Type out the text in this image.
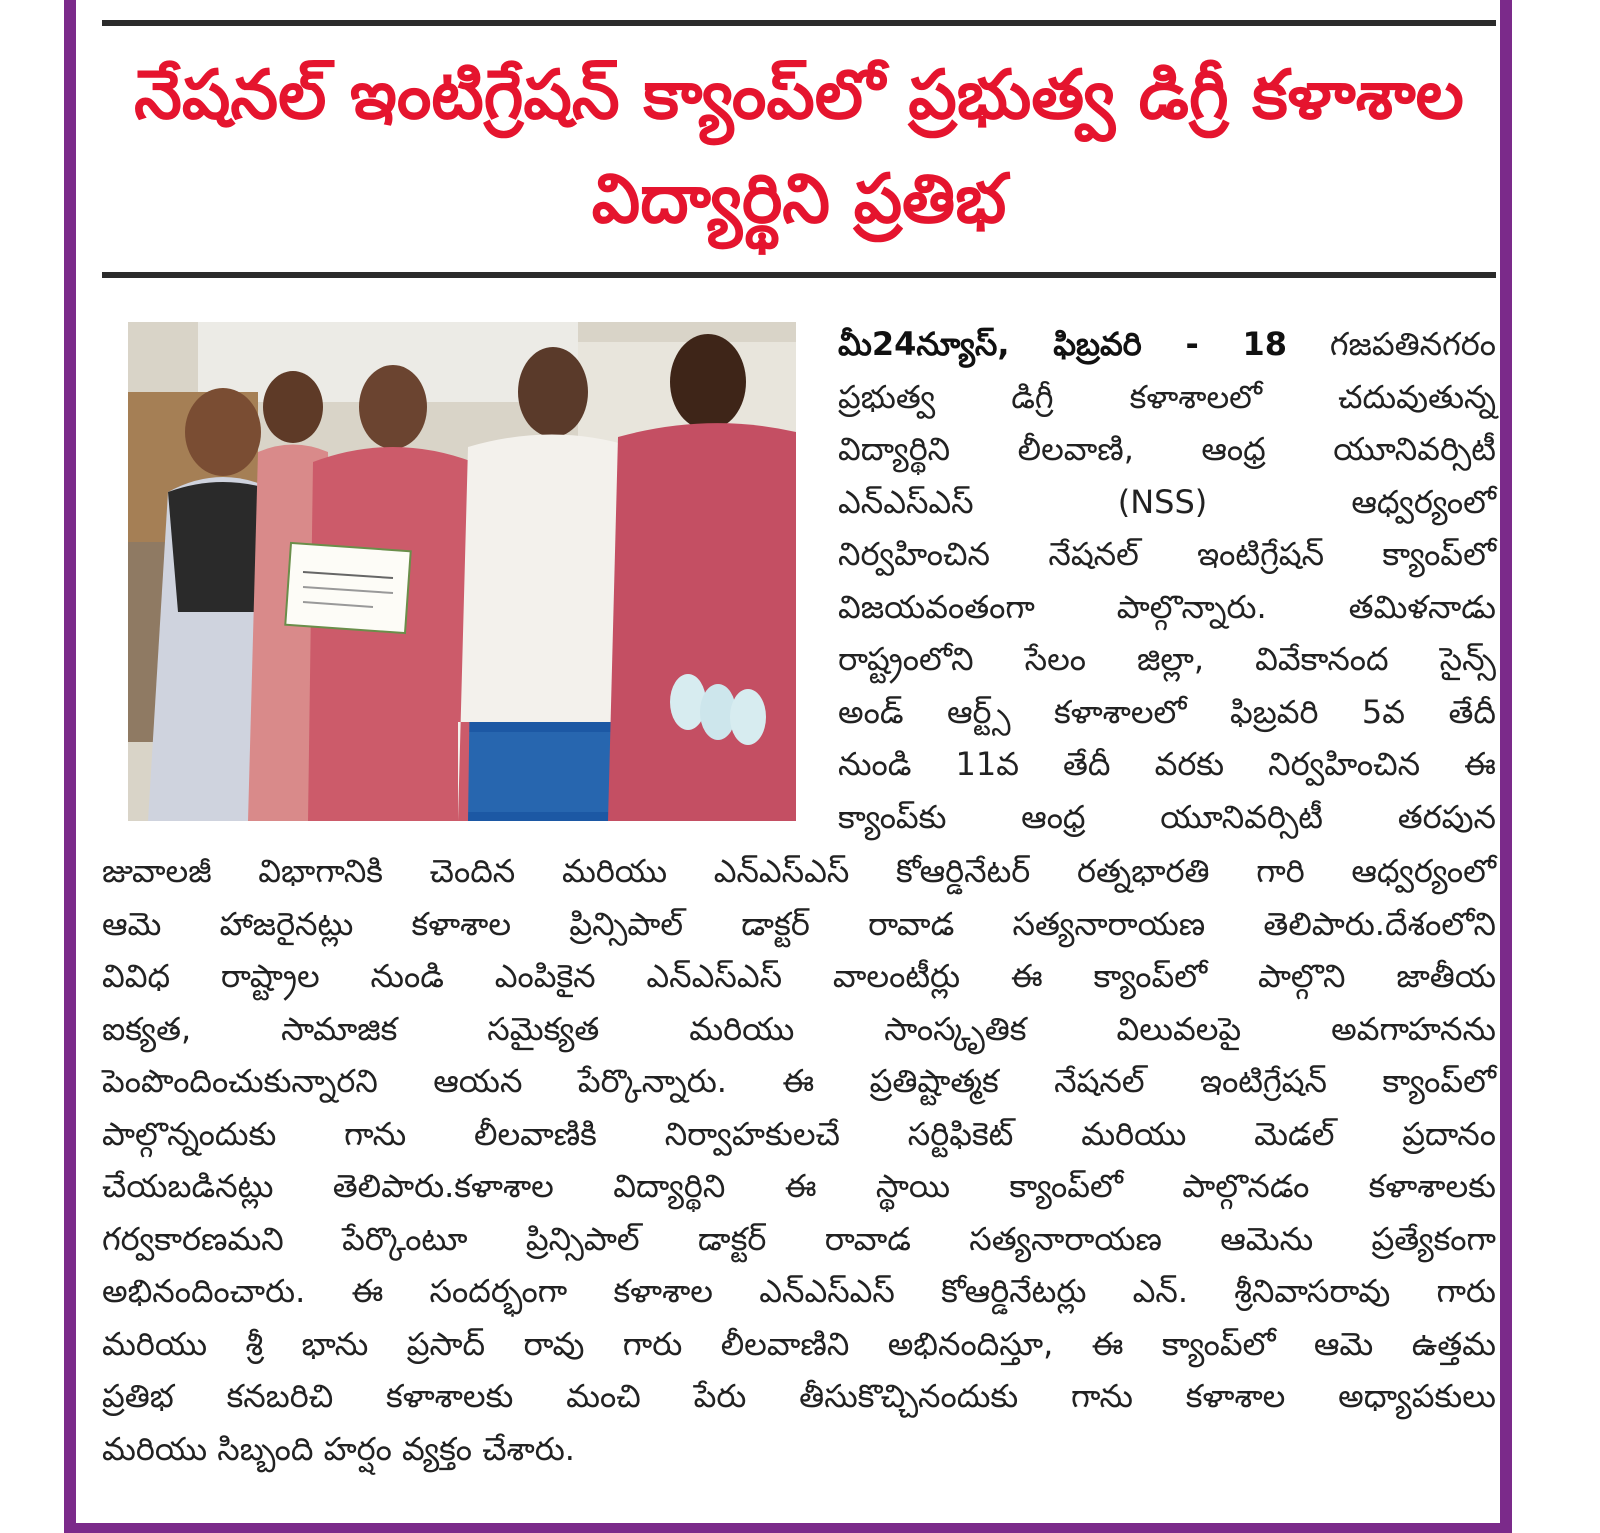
నేషనల్ ఇంటిగ్రేషన్ క్యాంప్‌లో ప్రభుత్వ డిగ్రీ కళాశాల
విద్యార్థిని ప్రతిభ

మీ24న్యూస్, ఫిబ్రవరి - 18 గజపతినగరం
ప్రభుత్వ డిగ్రీ కళాశాలలో చదువుతున్న
విద్యార్థిని లీలవాణి, ఆంధ్ర యూనివర్సిటీ
ఎన్ఎస్ఎస్ (NSS) ఆధ్వర్యంలో
నిర్వహించిన నేషనల్ ఇంటిగ్రేషన్ క్యాంప్‌లో
విజయవంతంగా పాల్గొన్నారు. తమిళనాడు
రాష్ట్రంలోని సేలం జిల్లా, వివేకానంద సైన్స్
అండ్ ఆర్ట్స్ కళాశాలలో ఫిబ్రవరి 5వ తేదీ
నుండి 11వ తేదీ వరకు నిర్వహించిన ఈ
క్యాంప్‌కు ఆంధ్ర యూనివర్సిటీ తరపున

జువాలజీ విభాగానికి చెందిన మరియు ఎన్ఎస్ఎస్ కోఆర్డినేటర్ రత్నభారతి గారి ఆధ్వర్యంలో
ఆమె హాజరైనట్లు కళాశాల ప్రిన్సిపాల్ డాక్టర్ రావాడ సత్యనారాయణ తెలిపారు.దేశంలోని
వివిధ రాష్ట్రాల నుండి ఎంపికైన ఎన్ఎస్ఎస్ వాలంటీర్లు ఈ క్యాంప్‌లో పాల్గొని జాతీయ
ఐక్యత, సామాజిక సమైక్యత మరియు సాంస్కృతిక విలువలపై అవగాహనను
పెంపొందించుకున్నారని ఆయన పేర్కొన్నారు. ఈ ప్రతిష్టాత్మక నేషనల్ ఇంటిగ్రేషన్ క్యాంప్‌లో
పాల్గొన్నందుకు గాను లీలవాణికి నిర్వాహకులచే సర్టిఫికెట్ మరియు మెడల్ ప్రదానం
చేయబడినట్లు తెలిపారు.కళాశాల విద్యార్థిని ఈ స్థాయి క్యాంప్‌లో పాల్గొనడం కళాశాలకు
గర్వకారణమని పేర్కొంటూ ప్రిన్సిపాల్ డాక్టర్ రావాడ సత్యనారాయణ ఆమెను ప్రత్యేకంగా
అభినందించారు. ఈ సందర్భంగా కళాశాల ఎన్ఎస్ఎస్ కోఆర్డినేటర్లు ఎన్. శ్రీనివాసరావు గారు
మరియు శ్రీ భాను ప్రసాద్ రావు గారు లీలవాణిని అభినందిస్తూ, ఈ క్యాంప్‌లో ఆమె ఉత్తమ
ప్రతిభ కనబరిచి కళాశాలకు మంచి పేరు తీసుకొచ్చినందుకు గాను కళాశాల అధ్యాపకులు
మరియు సిబ్బంది హర్షం వ్యక్తం చేశారు.
